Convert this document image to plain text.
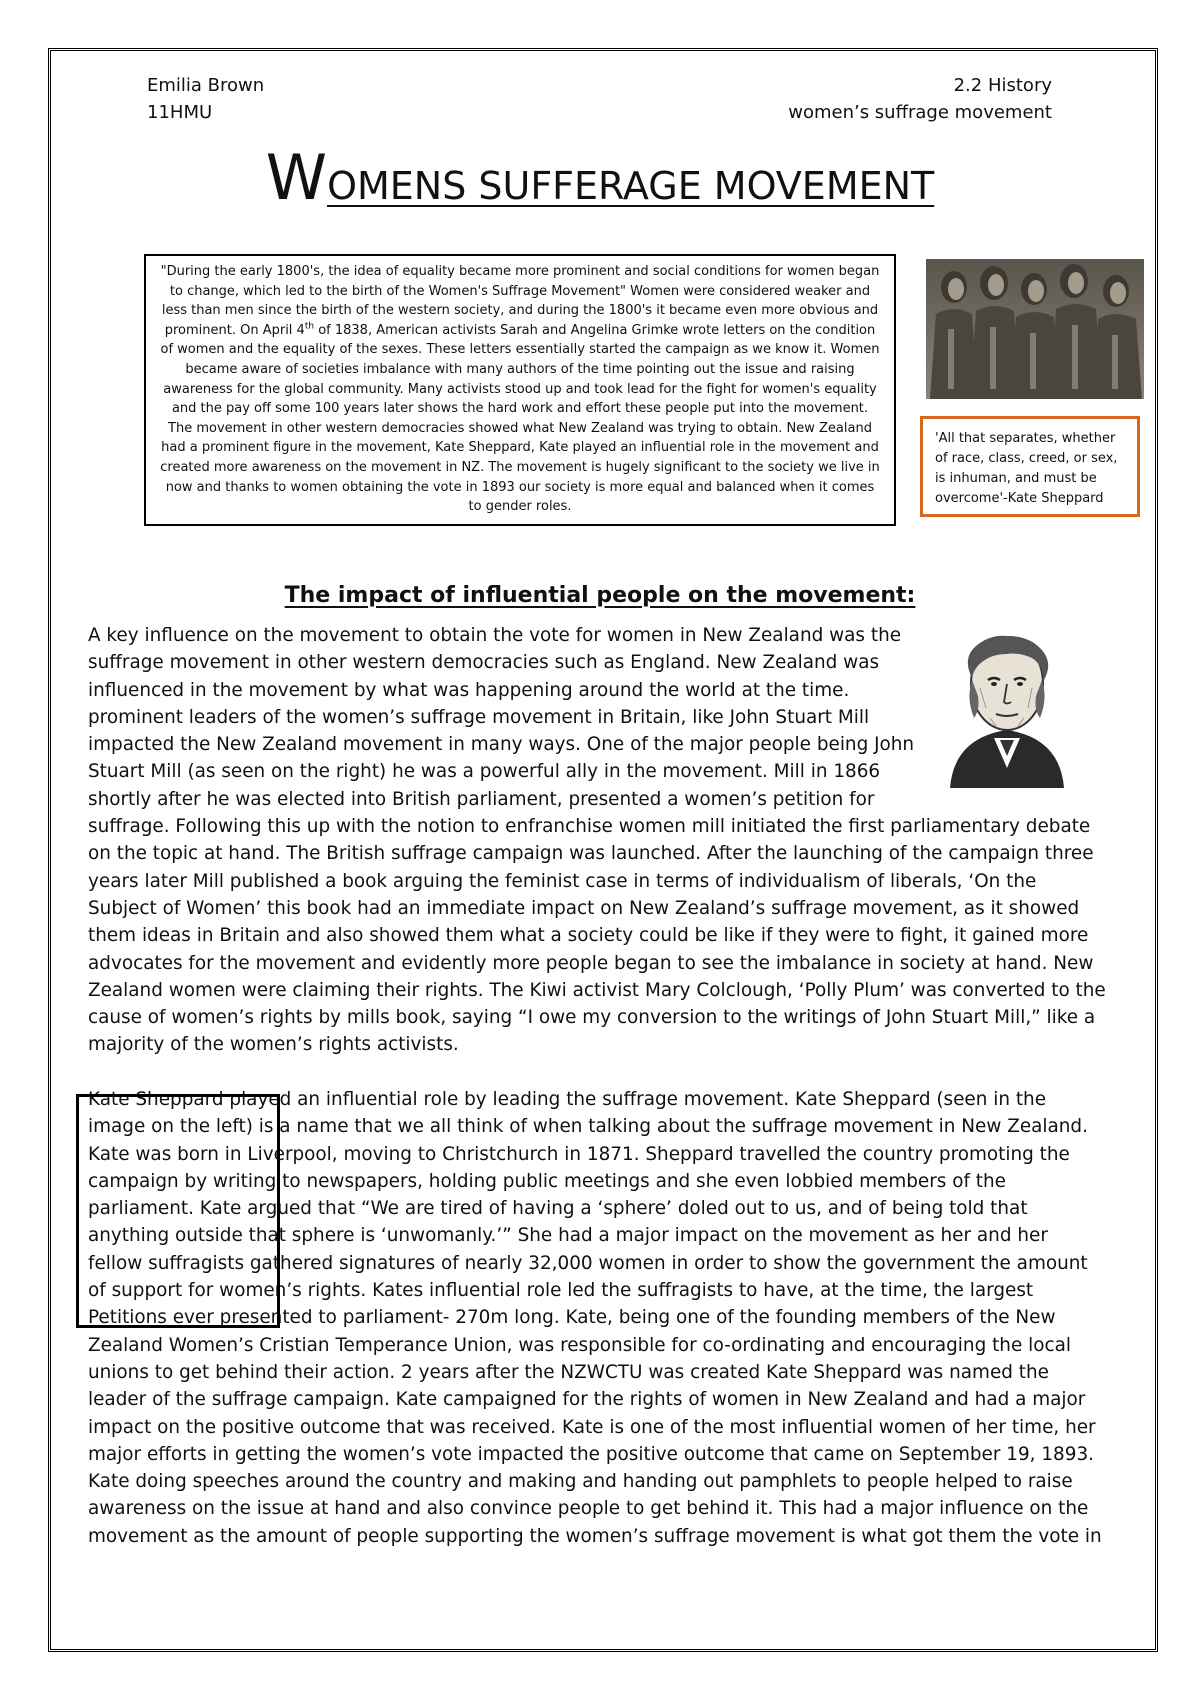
Emilia Brown
11HMU
2.2 History
women’s suffrage movement
WOMENS SUFFERAGE MOVEMENT
"During the early 1800's, the idea of equality became more prominent and social conditions for women began to change, which led to the birth of the Women's Suffrage Movement" Women were considered weaker and less than men since the birth of the western society, and during the 1800's it became even more obvious and prominent. On April 4th of 1838, American activists Sarah and Angelina Grimke wrote letters on the condition of women and the equality of the sexes. These letters essentially started the campaign as we know it. Women became aware of societies imbalance with many authors of the time pointing out the issue and raising awareness for the global community. Many activists stood up and took lead for the fight for women's equality and the pay off some 100 years later shows the hard work and effort these people put into the movement. The movement in other western democracies showed what New Zealand was trying to obtain. New Zealand had a prominent figure in the movement, Kate Sheppard, Kate played an influential role in the movement and created more awareness on the movement in NZ. The movement is hugely significant to the society we live in now and thanks to women obtaining the vote in 1893 our society is more equal and balanced when it comes to gender roles.
'All that separates, whether of race, class, creed, or sex, is inhuman, and must be overcome'-Kate Sheppard
The impact of influential people on the movement:

A key influence on the movement to obtain the vote for women in New Zealand was the suffrage movement in other western democracies such as England. New Zealand was influenced in the movement by what was happening around the world at the time. prominent leaders of the women’s suffrage movement in Britain, like John Stuart Mill impacted the New Zealand movement in many ways. One of the major people being John Stuart Mill (as seen on the right) he was a powerful ally in the movement. Mill in 1866 shortly after he was elected into British parliament, presented a women’s petition for
suffrage. Following this up with the notion to enfranchise women mill initiated the first parliamentary debate on the topic at hand. The British suffrage campaign was launched. After the launching of the campaign three years later Mill published a book arguing the feminist case in terms of individualism of liberals, ‘On the Subject of Women’ this book had an immediate impact on New Zealand’s suffrage movement, as it showed them ideas in Britain and also showed them what a society could be like if they were to fight, it gained more advocates for the movement and evidently more people began to see the imbalance in society at hand. New Zealand women were claiming their rights. The Kiwi activist Mary Colclough, ‘Polly Plum’ was converted to the cause of women’s rights by mills book, saying “I owe my conversion to the writings of John Stuart Mill,” like a majority of the women’s rights activists.

Kate Sheppard played an influential role by leading the suffrage movement. Kate Sheppard (seen in the image on the left) is a name that we all think of when talking about the suffrage movement in New Zealand. Kate was born in Liverpool, moving to Christchurch in 1871. Sheppard travelled the country promoting the campaign by writing to newspapers, holding public meetings and she even lobbied members of the parliament. Kate argued that “We are tired of having a ‘sphere’ doled out to us, and of being told that anything outside that sphere is ‘unwomanly.’” She had a major impact on the movement as her and her fellow suffragists gathered signatures of nearly 32,000 women in order to show the government the amount of support for women’s rights. Kates influential role led the suffragists to have, at the time, the largest Petitions ever presented to parliament- 270m long. Kate, being one of the founding members of the New Zealand Women’s Cristian Temperance Union, was responsible for co-ordinating and encouraging the local unions to get behind their action. 2 years after the NZWCTU was created Kate Sheppard was named the leader of the suffrage campaign. Kate campaigned for the rights of women in New Zealand and had a major impact on the positive outcome that was received. Kate is one of the most influential women of her time, her major efforts in getting the women’s vote impacted the positive outcome that came on September 19, 1893. Kate doing speeches around the country and making and handing out pamphlets to people helped to raise awareness on the issue at hand and also convince people to get behind it. This had a major influence on the movement as the amount of people supporting the women’s suffrage movement is what got them the vote in
